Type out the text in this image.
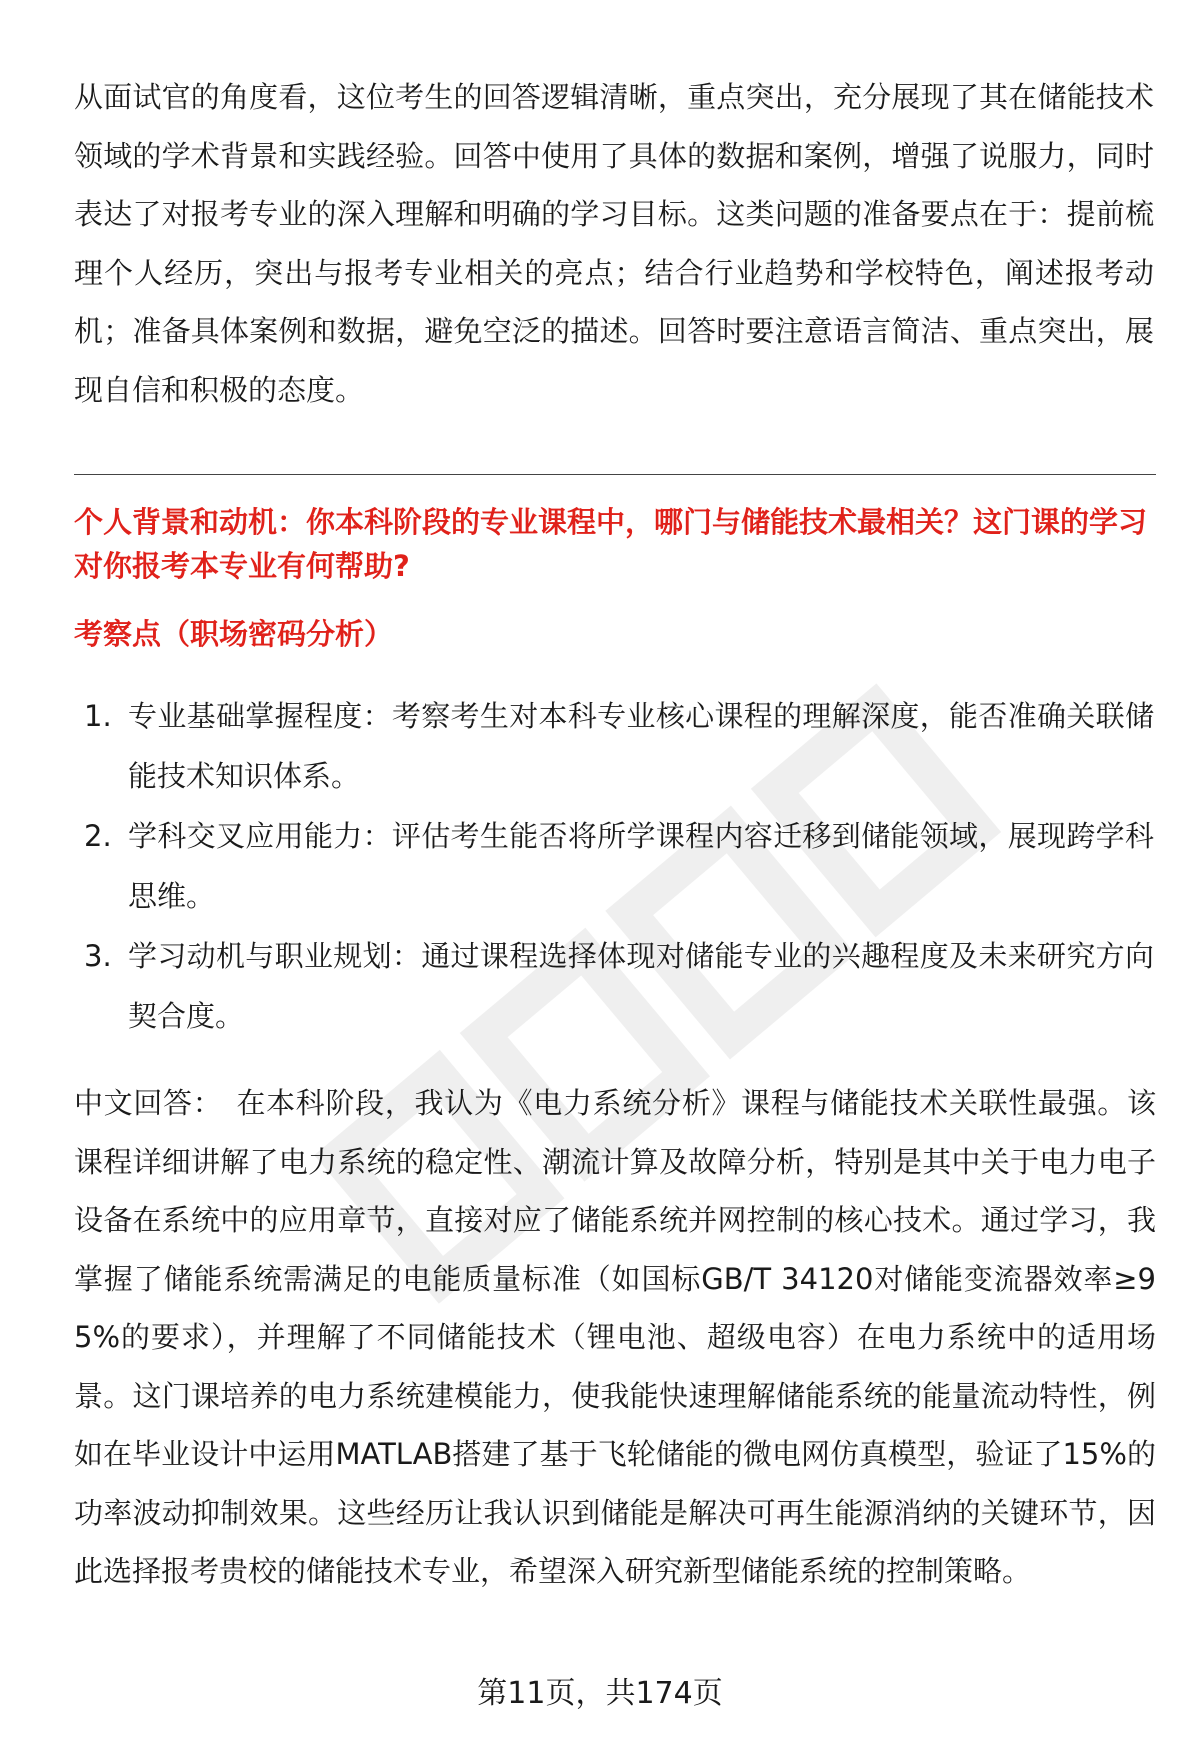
从面试官的角度看，这位考生的回答逻辑清晰，重点突出，充分展现了其在储能技术领域的学术背景和实践经验。回答中使用了具体的数据和案例，增强了说服力，同时表达了对报考专业的深入理解和明确的学习目标。这类问题的准备要点在于：提前梳理个人经历，突出与报考专业相关的亮点；结合行业趋势和学校特色，阐述报考动机；准备具体案例和数据，避免空泛的描述。回答时要注意语言简洁、重点突出，展现自信和积极的态度。

个人背景和动机：你本科阶段的专业课程中，哪门与储能技术最相关？这门课的学习对你报考本专业有何帮助?

考察点（职场密码分析）

1. 专业基础掌握程度：考察考生对本科专业核心课程的理解深度，能否准确关联储能技术知识体系。
2. 学科交叉应用能力：评估考生能否将所学课程内容迁移到储能领域，展现跨学科思维。
3. 学习动机与职业规划：通过课程选择体现对储能专业的兴趣程度及未来研究方向契合度。

中文回答： 在本科阶段，我认为《电力系统分析》课程与储能技术关联性最强。该课程详细讲解了电力系统的稳定性、潮流计算及故障分析，特别是其中关于电力电子设备在系统中的应用章节，直接对应了储能系统并网控制的核心技术。通过学习，我掌握了储能系统需满足的电能质量标准（如国标GB/T 34120对储能变流器效率≥95%的要求），并理解了不同储能技术（锂电池、超级电容）在电力系统中的适用场景。这门课培养的电力系统建模能力，使我能快速理解储能系统的能量流动特性，例如在毕业设计中运用MATLAB搭建了基于飞轮储能的微电网仿真模型，验证了15%的功率波动抑制效果。这些经历让我认识到储能是解决可再生能源消纳的关键环节，因此选择报考贵校的储能技术专业，希望深入研究新型储能系统的控制策略。

第11页，共174页
